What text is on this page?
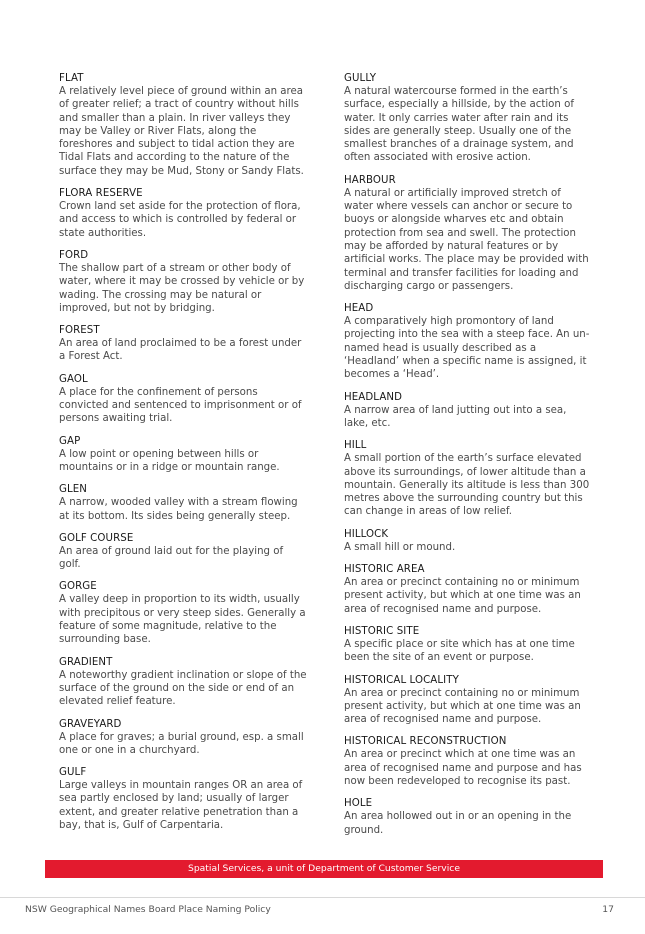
FLAT
A relatively level piece of ground within an area of greater relief; a tract of country without hills and smaller than a plain. In river valleys they may be Valley or River Flats, along the foreshores and subject to tidal action they are Tidal Flats and according to the nature of the surface they may be Mud, Stony or Sandy Flats.
FLORA RESERVE
Crown land set aside for the protection of flora, and access to which is controlled by federal or state authorities.
FORD
The shallow part of a stream or other body of water, where it may be crossed by vehicle or by wading. The crossing may be natural or improved, but not by bridging.
FOREST
An area of land proclaimed to be a forest under a Forest Act.
GAOL
A place for the confinement of persons convicted and sentenced to imprisonment or of persons awaiting trial.
GAP
A low point or opening between hills or mountains or in a ridge or mountain range.
GLEN
A narrow, wooded valley with a stream flowing at its bottom. Its sides being generally steep.
GOLF COURSE
An area of ground laid out for the playing of golf.
GORGE
A valley deep in proportion to its width, usually with precipitous or very steep sides. Generally a feature of some magnitude, relative to the surrounding base.
GRADIENT
A noteworthy gradient inclination or slope of the surface of the ground on the side or end of an elevated relief feature.
GRAVEYARD
A place for graves; a burial ground, esp. a small one or one in a churchyard.
GULF
Large valleys in mountain ranges OR an area of sea partly enclosed by land; usually of larger extent, and greater relative penetration than a bay, that is, Gulf of Carpentaria.
GULLY
A natural watercourse formed in the earth’s surface, especially a hillside, by the action of water. It only carries water after rain and its sides are generally steep. Usually one of the smallest branches of a drainage system, and often associated with erosive action.
HARBOUR
A natural or artificially improved stretch of water where vessels can anchor or secure to buoys or alongside wharves etc and obtain protection from sea and swell. The protection may be afforded by natural features or by artificial works. The place may be provided with terminal and transfer facilities for loading and discharging cargo or passengers.
HEAD
A comparatively high promontory of land projecting into the sea with a steep face. An un-named head is usually described as a ‘Headland’ when a specific name is assigned, it becomes a ‘Head’.
HEADLAND
A narrow area of land jutting out into a sea, lake, etc.
HILL
A small portion of the earth’s surface elevated above its surroundings, of lower altitude than a mountain. Generally its altitude is less than 300 metres above the surrounding country but this can change in areas of low relief.
HILLOCK
A small hill or mound.
HISTORIC AREA
An area or precinct containing no or minimum present activity, but which at one time was an area of recognised name and purpose.
HISTORIC SITE
A specific place or site which has at one time been the site of an event or purpose.
HISTORICAL LOCALITY
An area or precinct containing no or minimum present activity, but which at one time was an area of recognised name and purpose.
HISTORICAL RECONSTRUCTION
An area or precinct which at one time was an area of recognised name and purpose and has now been redeveloped to recognise its past.
HOLE
An area hollowed out in or an opening in the ground.
Spatial Services, a unit of Department of Customer Service
NSW Geographical Names Board Place Naming Policy	17
